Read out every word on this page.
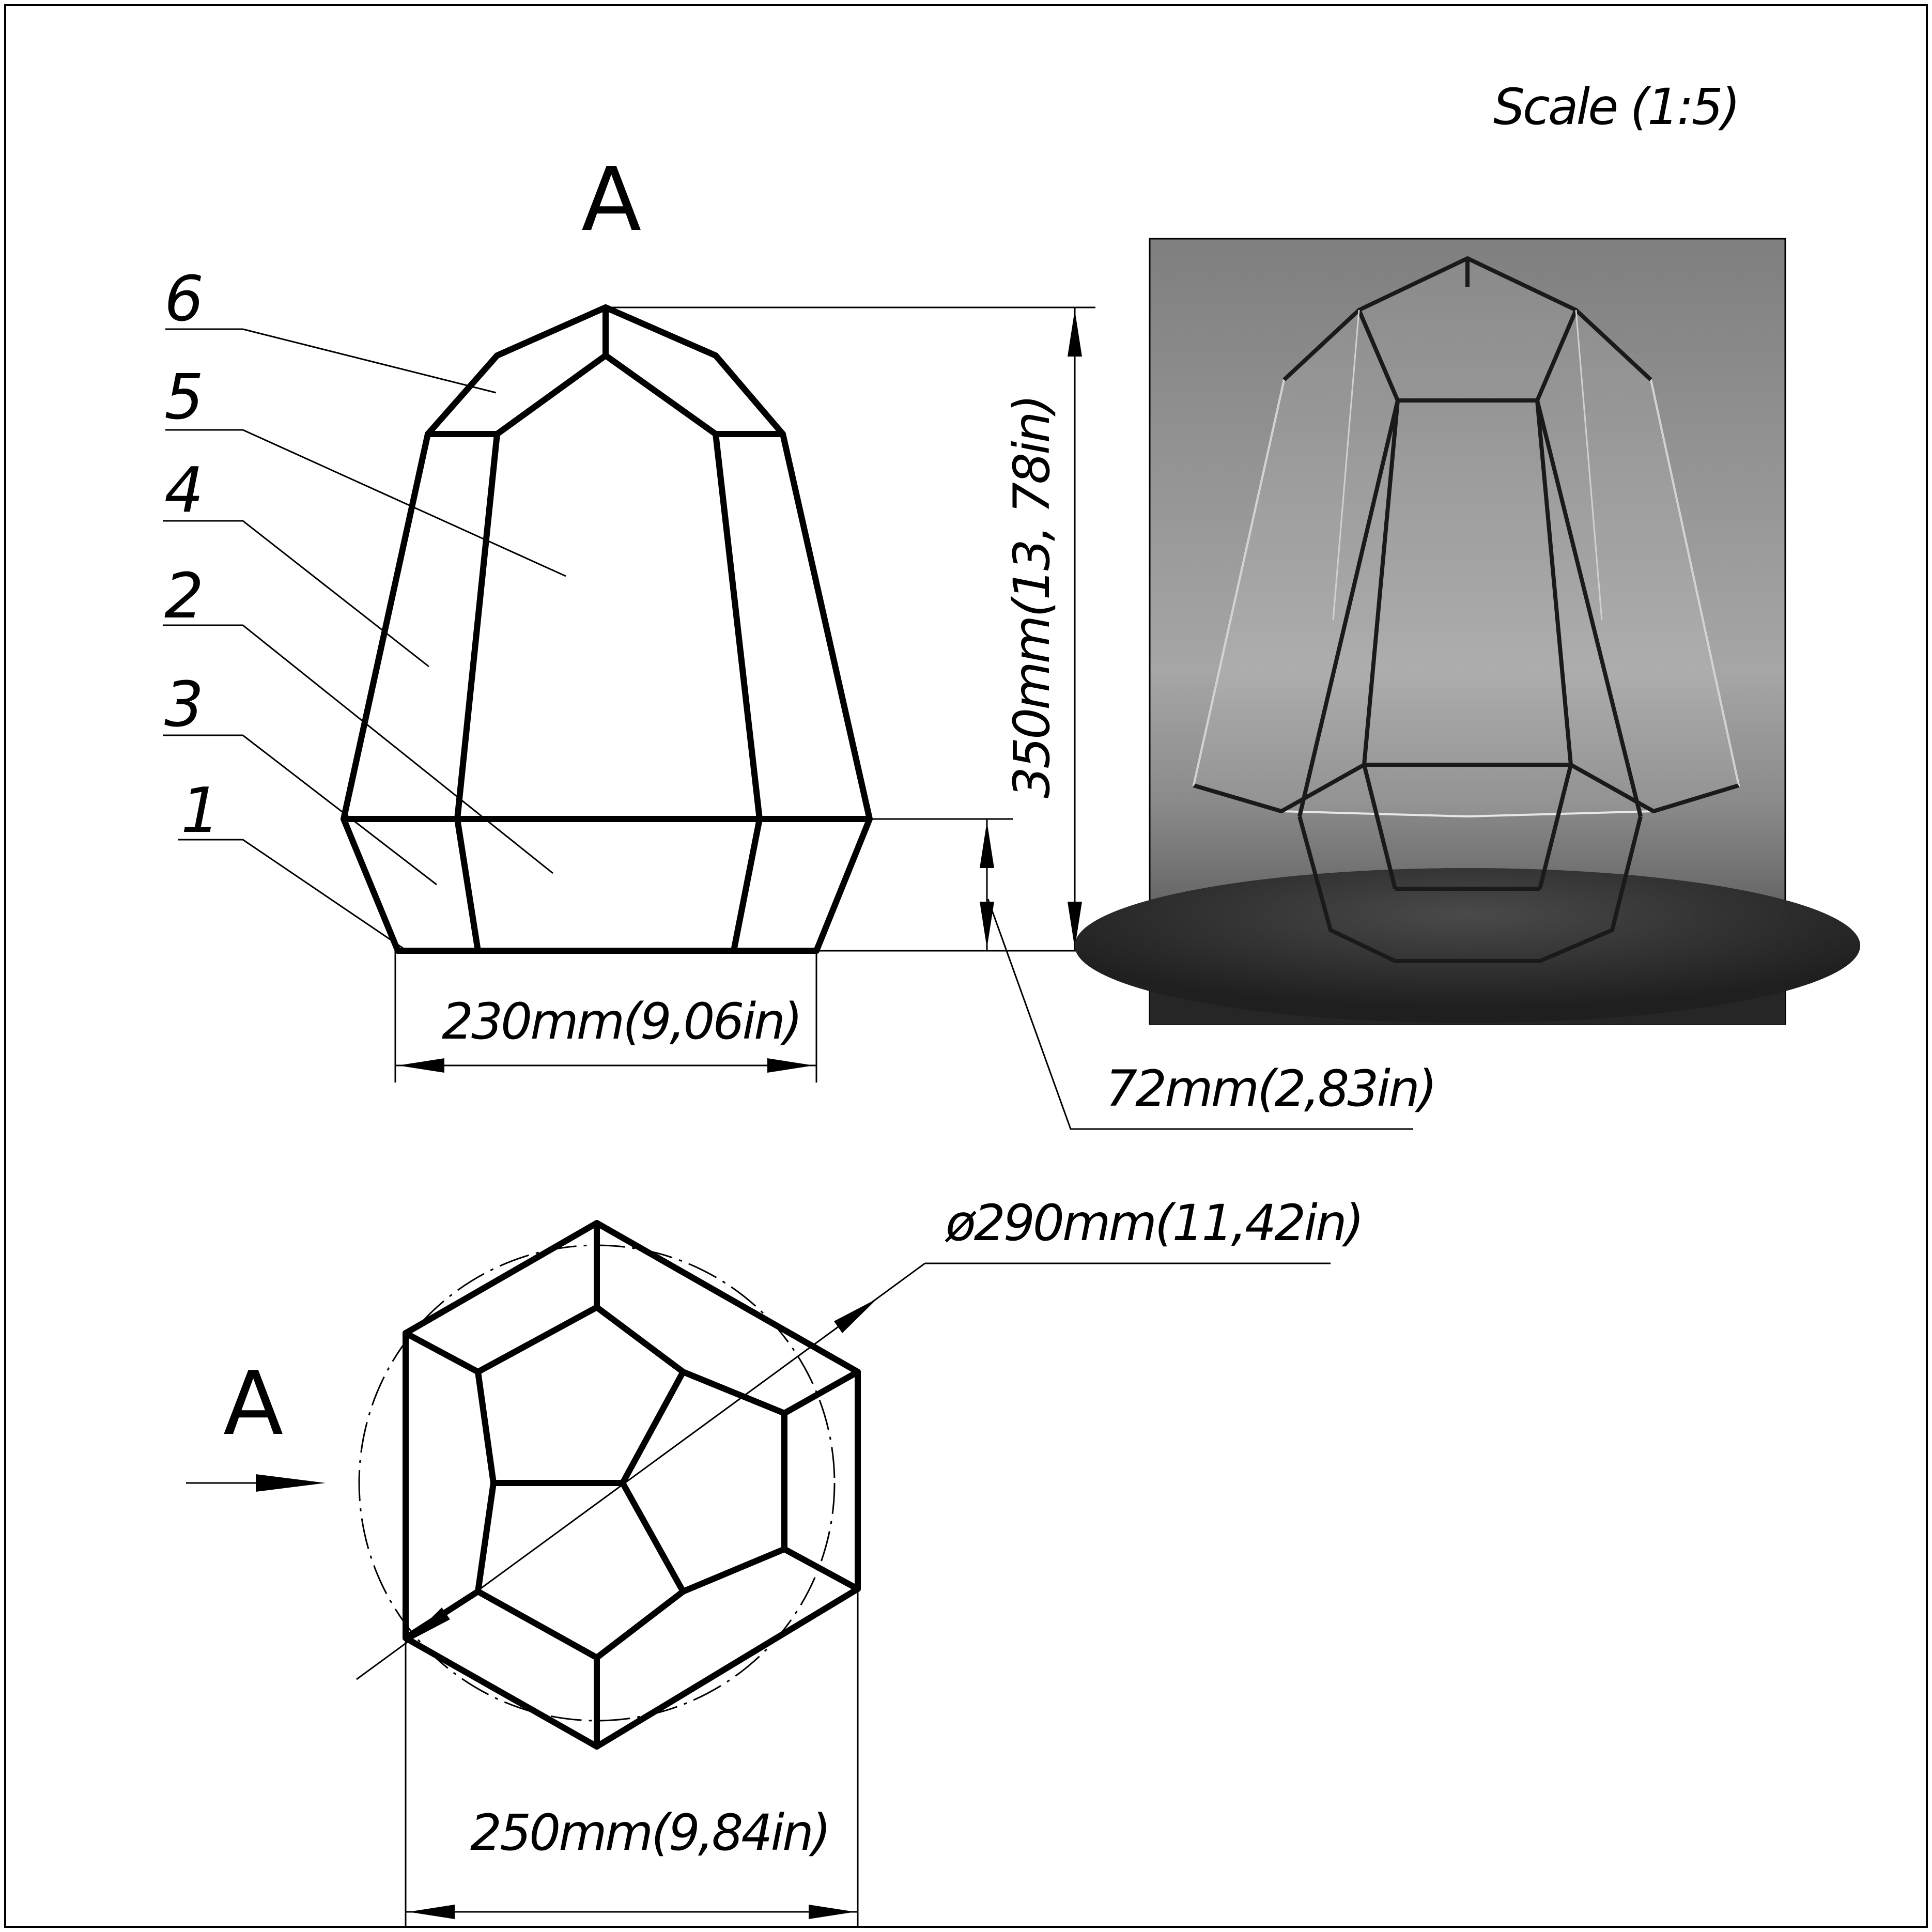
Scale (1:5)
A
6
5
4
2
3
1
350mm(13, 78in)
72mm(2,83in)
230mm(9,06in)
ø290mm(11,42in)
250mm(9,84in)
A
